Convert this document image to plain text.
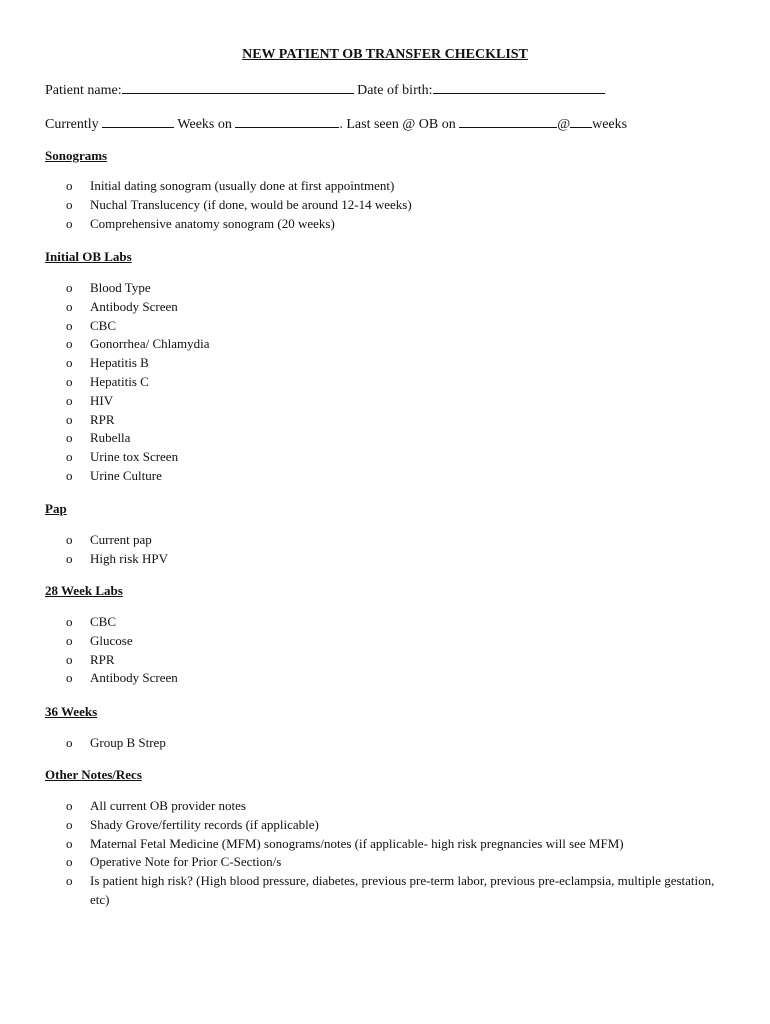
NEW PATIENT OB TRANSFER CHECKLIST
Patient name:	Date of birth:
Currently	Weeks on	. Last seen @ OB on	@ weeks
Sonograms
o Initial dating sonogram (usually done at first appointment)
o Nuchal Translucency (if done, would be around 12-14 weeks)
o Comprehensive anatomy sonogram (20 weeks)
Initial OB Labs
o Blood Type
o Antibody Screen
o CBC
o Gonorrhea/ Chlamydia
o Hepatitis B
o Hepatitis C
o HIV
o RPR
o Rubella
o Urine tox Screen
o Urine Culture
Pap
o Current pap
o High risk HPV
28 Week Labs
o CBC
o Glucose
o RPR
o Antibody Screen
36 Weeks
o Group B Strep
Other Notes/Recs
o All current OB provider notes
o Shady Grove/fertility records (if applicable)
o Maternal Fetal Medicine (MFM) sonograms/notes (if applicable- high risk pregnancies will see MFM)
o Operative Note for Prior C-Section/s
o Is patient high risk? (High blood pressure, diabetes, previous pre-term labor, previous pre-eclampsia, multiple gestation, etc)
